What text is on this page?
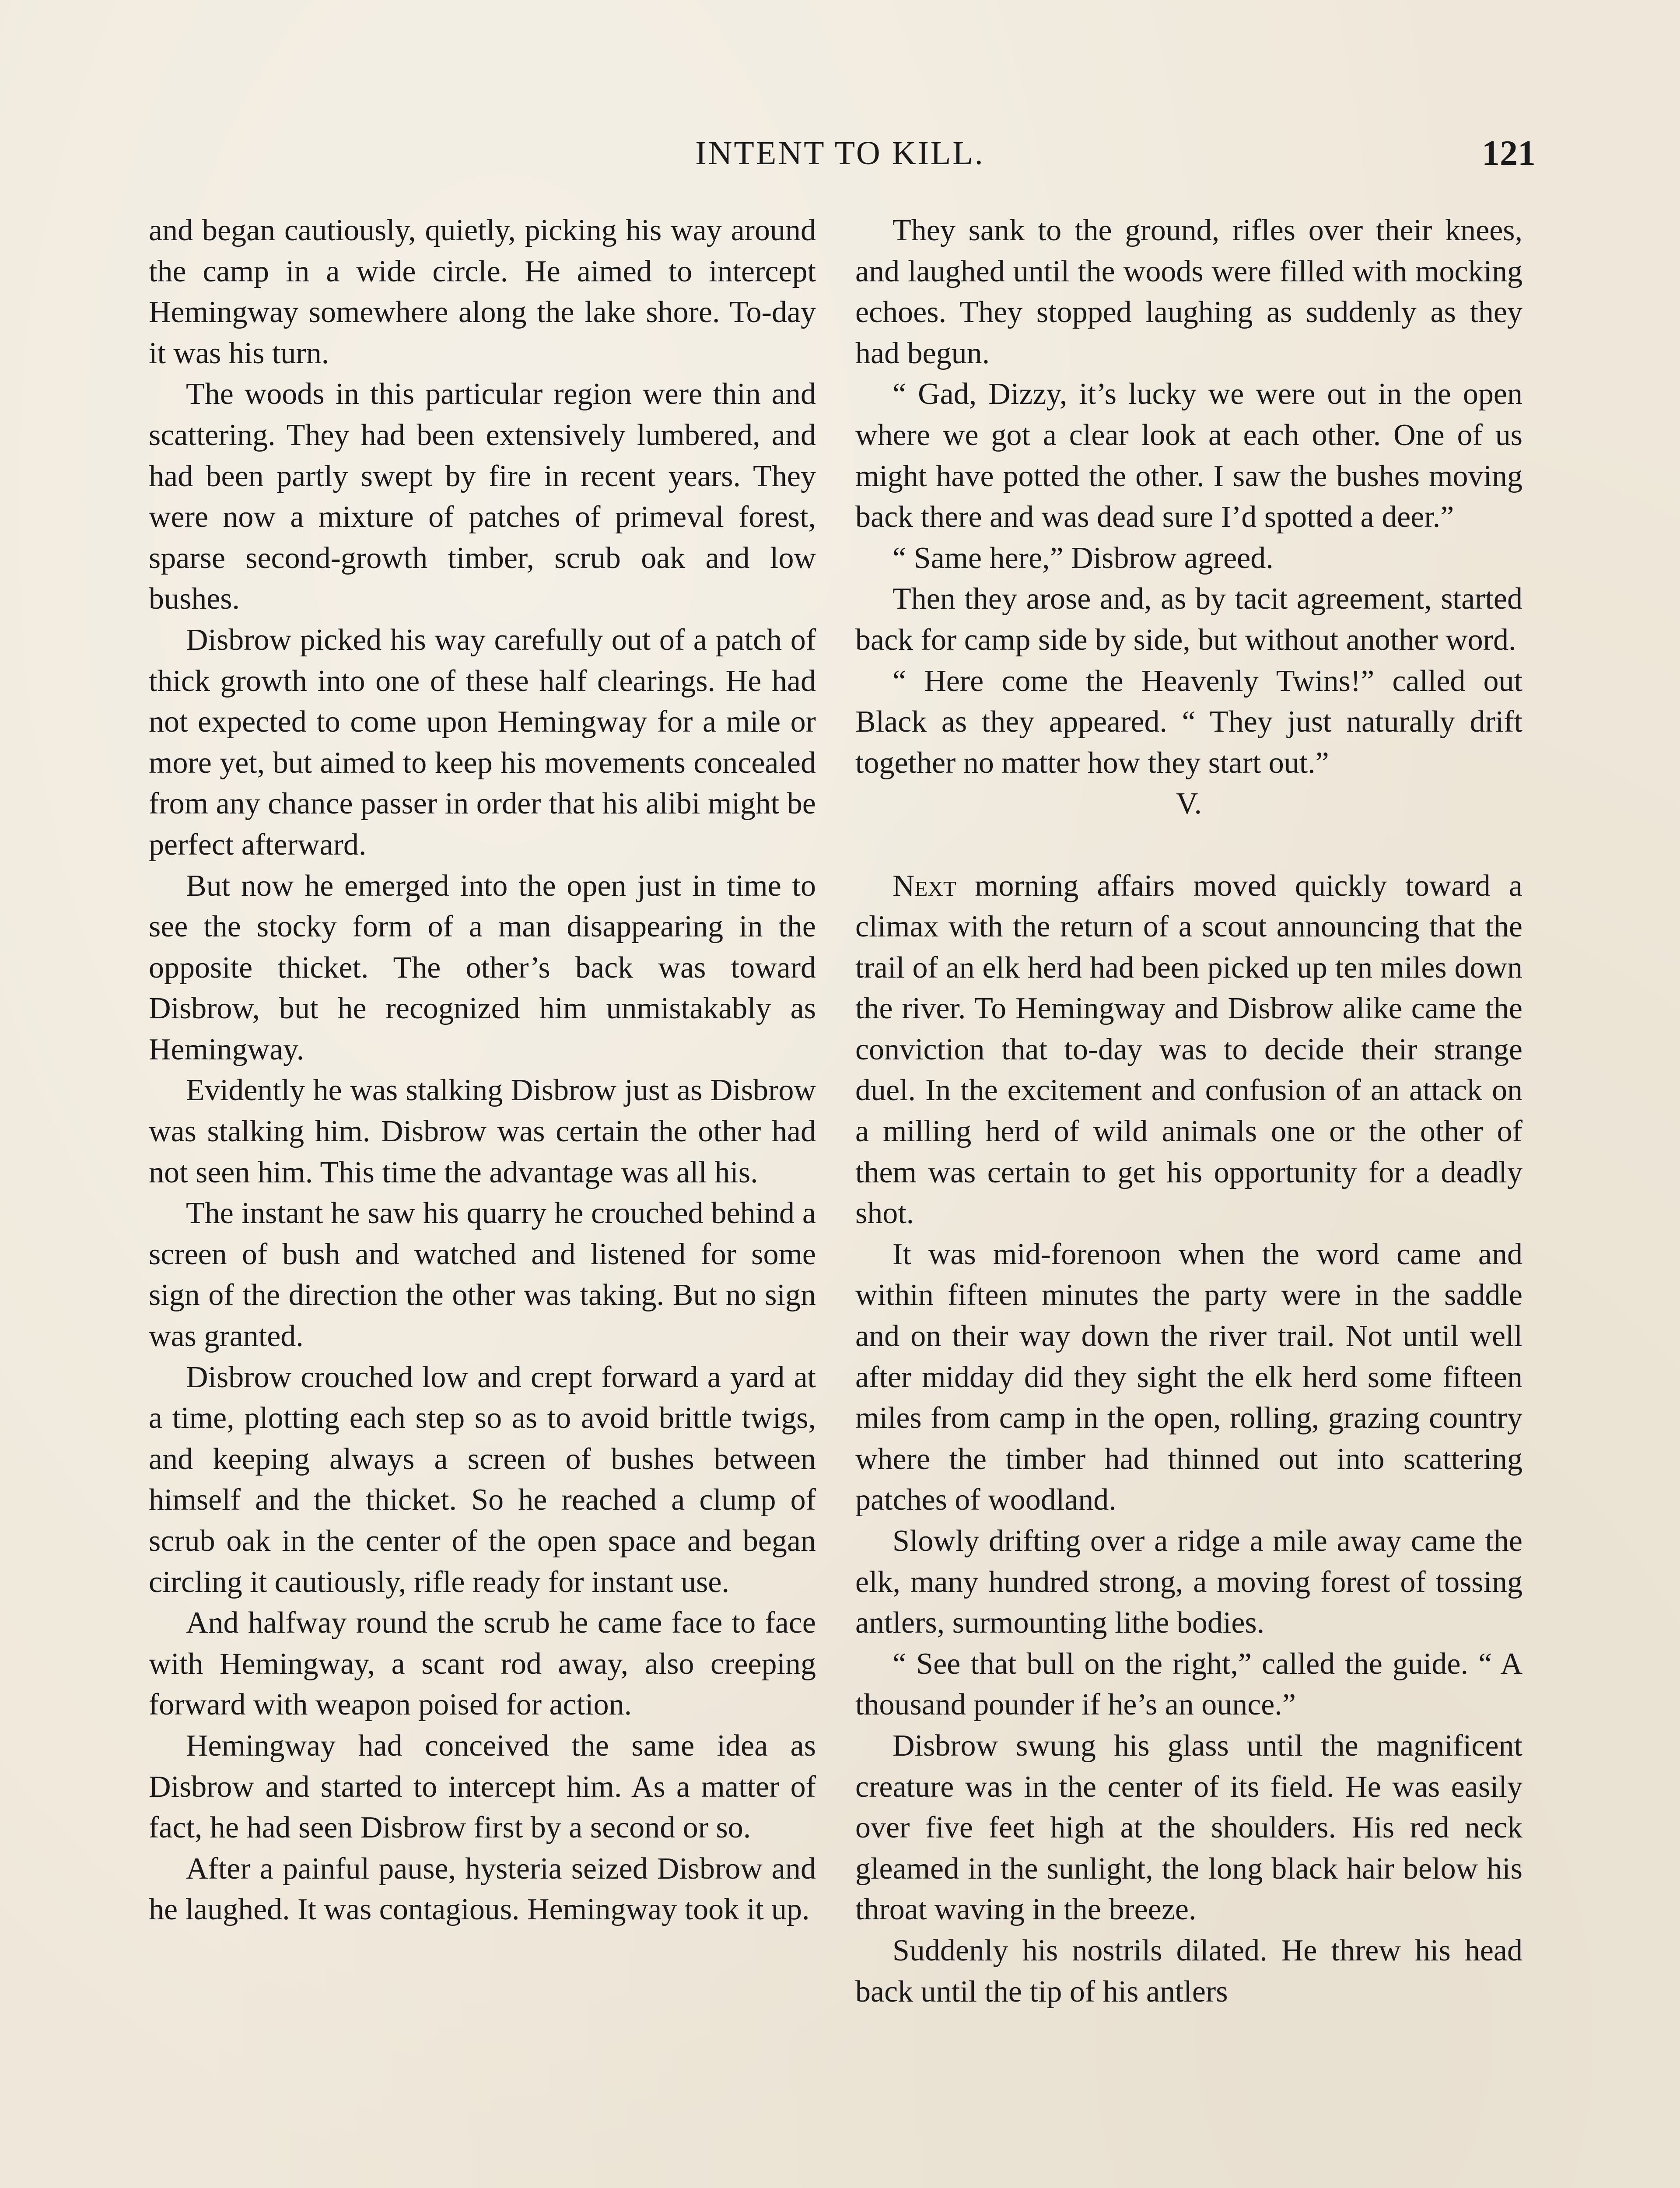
INTENT TO KILL.	121

and began cautiously, quietly, picking his way around the camp in a wide circle. He aimed to intercept Hemingway somewhere along the lake shore. To-day it was his turn.

The woods in this particular region were thin and scattering. They had been extensively lumbered, and had been partly swept by fire in recent years. They were now a mixture of patches of primeval forest, sparse second-growth timber, scrub oak and low bushes.

Disbrow picked his way carefully out of a patch of thick growth into one of these half clearings. He had not expected to come upon Hemingway for a mile or more yet, but aimed to keep his movements concealed from any chance passer in order that his alibi might be perfect afterward.

But now he emerged into the open just in time to see the stocky form of a man disappearing in the opposite thicket. The other’s back was toward Disbrow, but he recognized him unmistakably as Hemingway.

Evidently he was stalking Disbrow just as Disbrow was stalking him. Disbrow was certain the other had not seen him. This time the advantage was all his.

The instant he saw his quarry he crouched behind a screen of bush and watched and listened for some sign of the direction the other was taking. But no sign was granted.

Disbrow crouched low and crept forward a yard at a time, plotting each step so as to avoid brittle twigs, and keeping always a screen of bushes between himself and the thicket. So he reached a clump of scrub oak in the center of the open space and began circling it cautiously, rifle ready for instant use.

And halfway round the scrub he came face to face with Hemingway, a scant rod away, also creeping forward with weapon poised for action.

Hemingway had conceived the same idea as Disbrow and started to intercept him. As a matter of fact, he had seen Disbrow first by a second or so.

After a painful pause, hysteria seized Disbrow and he laughed. It was contagious. Hemingway took it up.

They sank to the ground, rifles over their knees, and laughed until the woods were filled with mocking echoes. They stopped laughing as suddenly as they had begun.

“ Gad, Dizzy, it’s lucky we were out in the open where we got a clear look at each other. One of us might have potted the other. I saw the bushes moving back there and was dead sure I’d spotted a deer.”

“ Same here,” Disbrow agreed.

Then they arose and, as by tacit agreement, started back for camp side by side, but without another word.

“ Here come the Heavenly Twins!” called out Black as they appeared. “ They just naturally drift together no matter how they start out.”

V.

Next morning affairs moved quickly toward a climax with the return of a scout announcing that the trail of an elk herd had been picked up ten miles down the river. To Hemingway and Disbrow alike came the conviction that to-day was to decide their strange duel. In the excitement and confusion of an attack on a milling herd of wild animals one or the other of them was certain to get his opportunity for a deadly shot.

It was mid-forenoon when the word came and within fifteen minutes the party were in the saddle and on their way down the river trail. Not until well after midday did they sight the elk herd some fifteen miles from camp in the open, rolling, grazing country where the timber had thinned out into scattering patches of woodland.

Slowly drifting over a ridge a mile away came the elk, many hundred strong, a moving forest of tossing antlers, surmounting lithe bodies.

“ See that bull on the right,” called the guide. “ A thousand pounder if he’s an ounce.”

Disbrow swung his glass until the magnificent creature was in the center of its field. He was easily over five feet high at the shoulders. His red neck gleamed in the sunlight, the long black hair below his throat waving in the breeze.

Suddenly his nostrils dilated. He threw his head back until the tip of his antlers
